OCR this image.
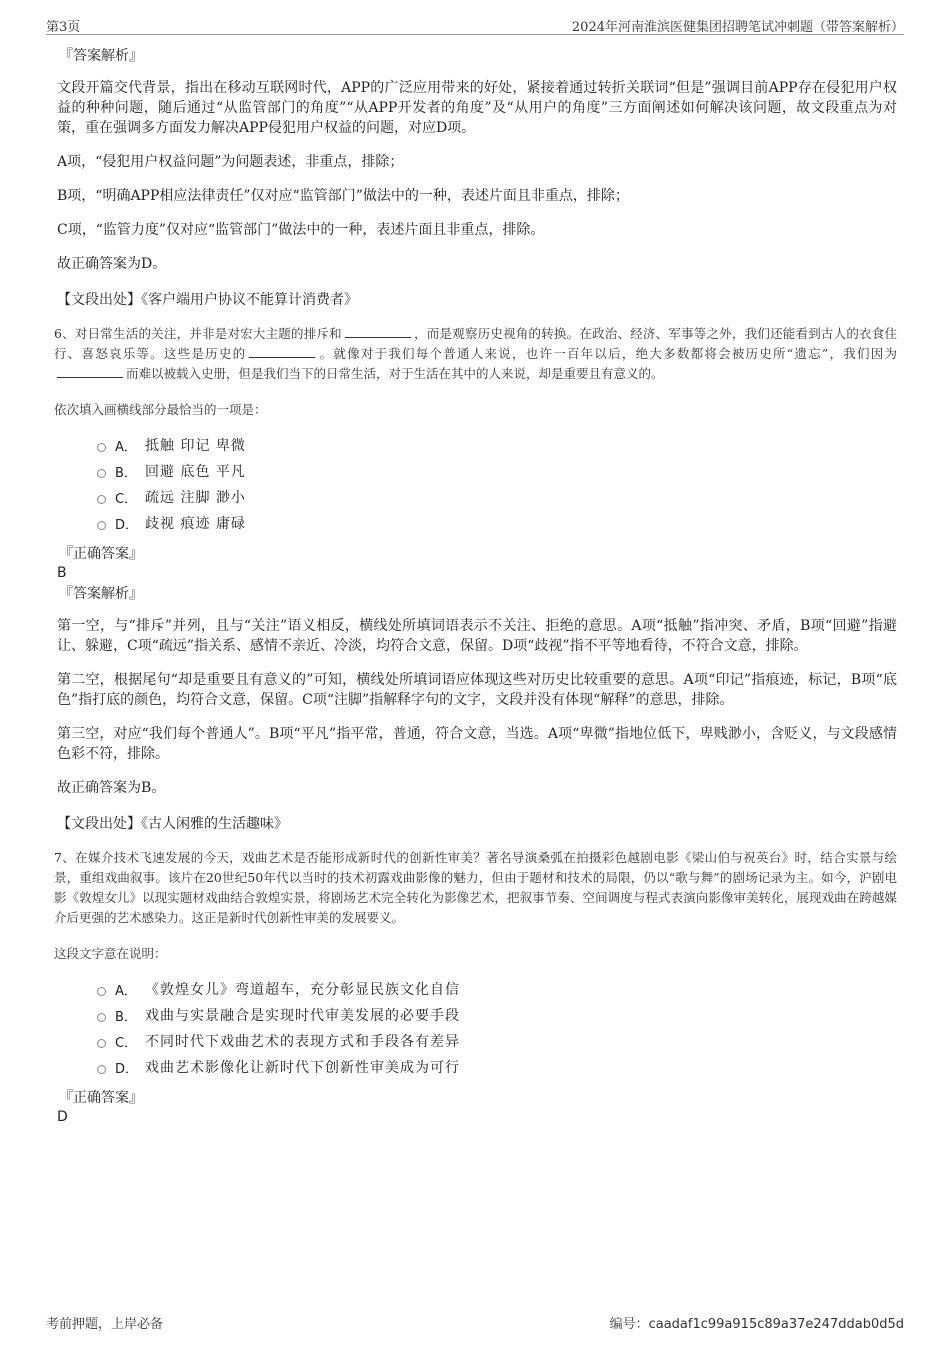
第3页	2024年河南淮滨医健集团招聘笔试冲刺题（带答案解析）
『答案解析』
文段开篇交代背景，指出在移动互联网时代，APP的广泛应用带来的好处，紧接着通过转折关联词“但是”强调目前APP存在侵犯用户权益的种种问题，随后通过“从监管部门的角度”“从APP开发者的角度”及“从用户的角度”三方面阐述如何解决该问题，故文段重点为对策，重在强调多方面发力解决APP侵犯用户权益的问题，对应D项。
A项，“侵犯用户权益问题”为问题表述，非重点，排除；
B项，“明确APP相应法律责任”仅对应“监管部门”做法中的一种，表述片面且非重点，排除；
C项，“监管力度”仅对应“监管部门”做法中的一种，表述片面且非重点，排除。
故正确答案为D。
【文段出处】《客户端用户协议不能算计消费者》
6、对日常生活的关注，并非是对宏大主题的排斥和	，而是观察历史视角的转换。在政治、经济、军事等之外，我们还能看到古人的衣食住行、喜怒哀乐等。这些是历史的	。就像对于我们每个普通人来说，也许一百年以后，绝大多数都将会被历史所“遗忘”，我们因为而难以被载入史册，但是我们当下的日常生活，对于生活在其中的人来说，却是重要且有意义的。
依次填入画横线部分最恰当的一项是：
A． 抵触 印记 卑微
B． 回避 底色 平凡
C． 疏远 注脚 渺小
D． 歧视 痕迹 庸碌
『正确答案』
B
『答案解析』
第一空，与“排斥”并列，且与“关注”语义相反，横线处所填词语表示不关注、拒绝的意思。A项“抵触”指冲突、矛盾，B项“回避”指避让、躲避，C项“疏远”指关系、感情不亲近、冷淡，均符合文意，保留。D项“歧视”指不平等地看待，不符合文意，排除。
第二空，根据尾句“却是重要且有意义的”可知，横线处所填词语应体现这些对历史比较重要的意思。A项“印记”指痕迹，标记，B项“底色”指打底的颜色，均符合文意，保留。C项“注脚”指解释字句的文字，文段并没有体现“解释”的意思，排除。
第三空，对应“我们每个普通人”。B项“平凡”指平常，普通，符合文意，当选。A项“卑微”指地位低下，卑贱渺小，含贬义，与文段感情色彩不符，排除。
故正确答案为B。
【文段出处】《古人闲雅的生活趣味》
7、在媒介技术飞速发展的今天，戏曲艺术是否能形成新时代的创新性审美？著名导演桑弧在拍摄彩色越剧电影《梁山伯与祝英台》时，结合实景与绘景，重组戏曲叙事。该片在20世纪50年代以当时的技术初露戏曲影像的魅力，但由于题材和技术的局限，仍以“歌与舞”的剧场记录为主。如今，沪剧电影《敦煌女儿》以现实题材戏曲结合敦煌实景，将剧场艺术完全转化为影像艺术，把叙事节奏、空间调度与程式表演向影像审美转化，展现戏曲在跨越媒介后更强的艺术感染力。这正是新时代创新性审美的发展要义。
这段文字意在说明：
A． 《敦煌女儿》弯道超车，充分彰显民族文化自信
B． 戏曲与实景融合是实现时代审美发展的必要手段
C． 不同时代下戏曲艺术的表现方式和手段各有差异
D． 戏曲艺术影像化让新时代下创新性审美成为可行
『正确答案』
D
考前押题，上岸必备	编号：caadaf1c99a915c89a37e247ddab0d5d
